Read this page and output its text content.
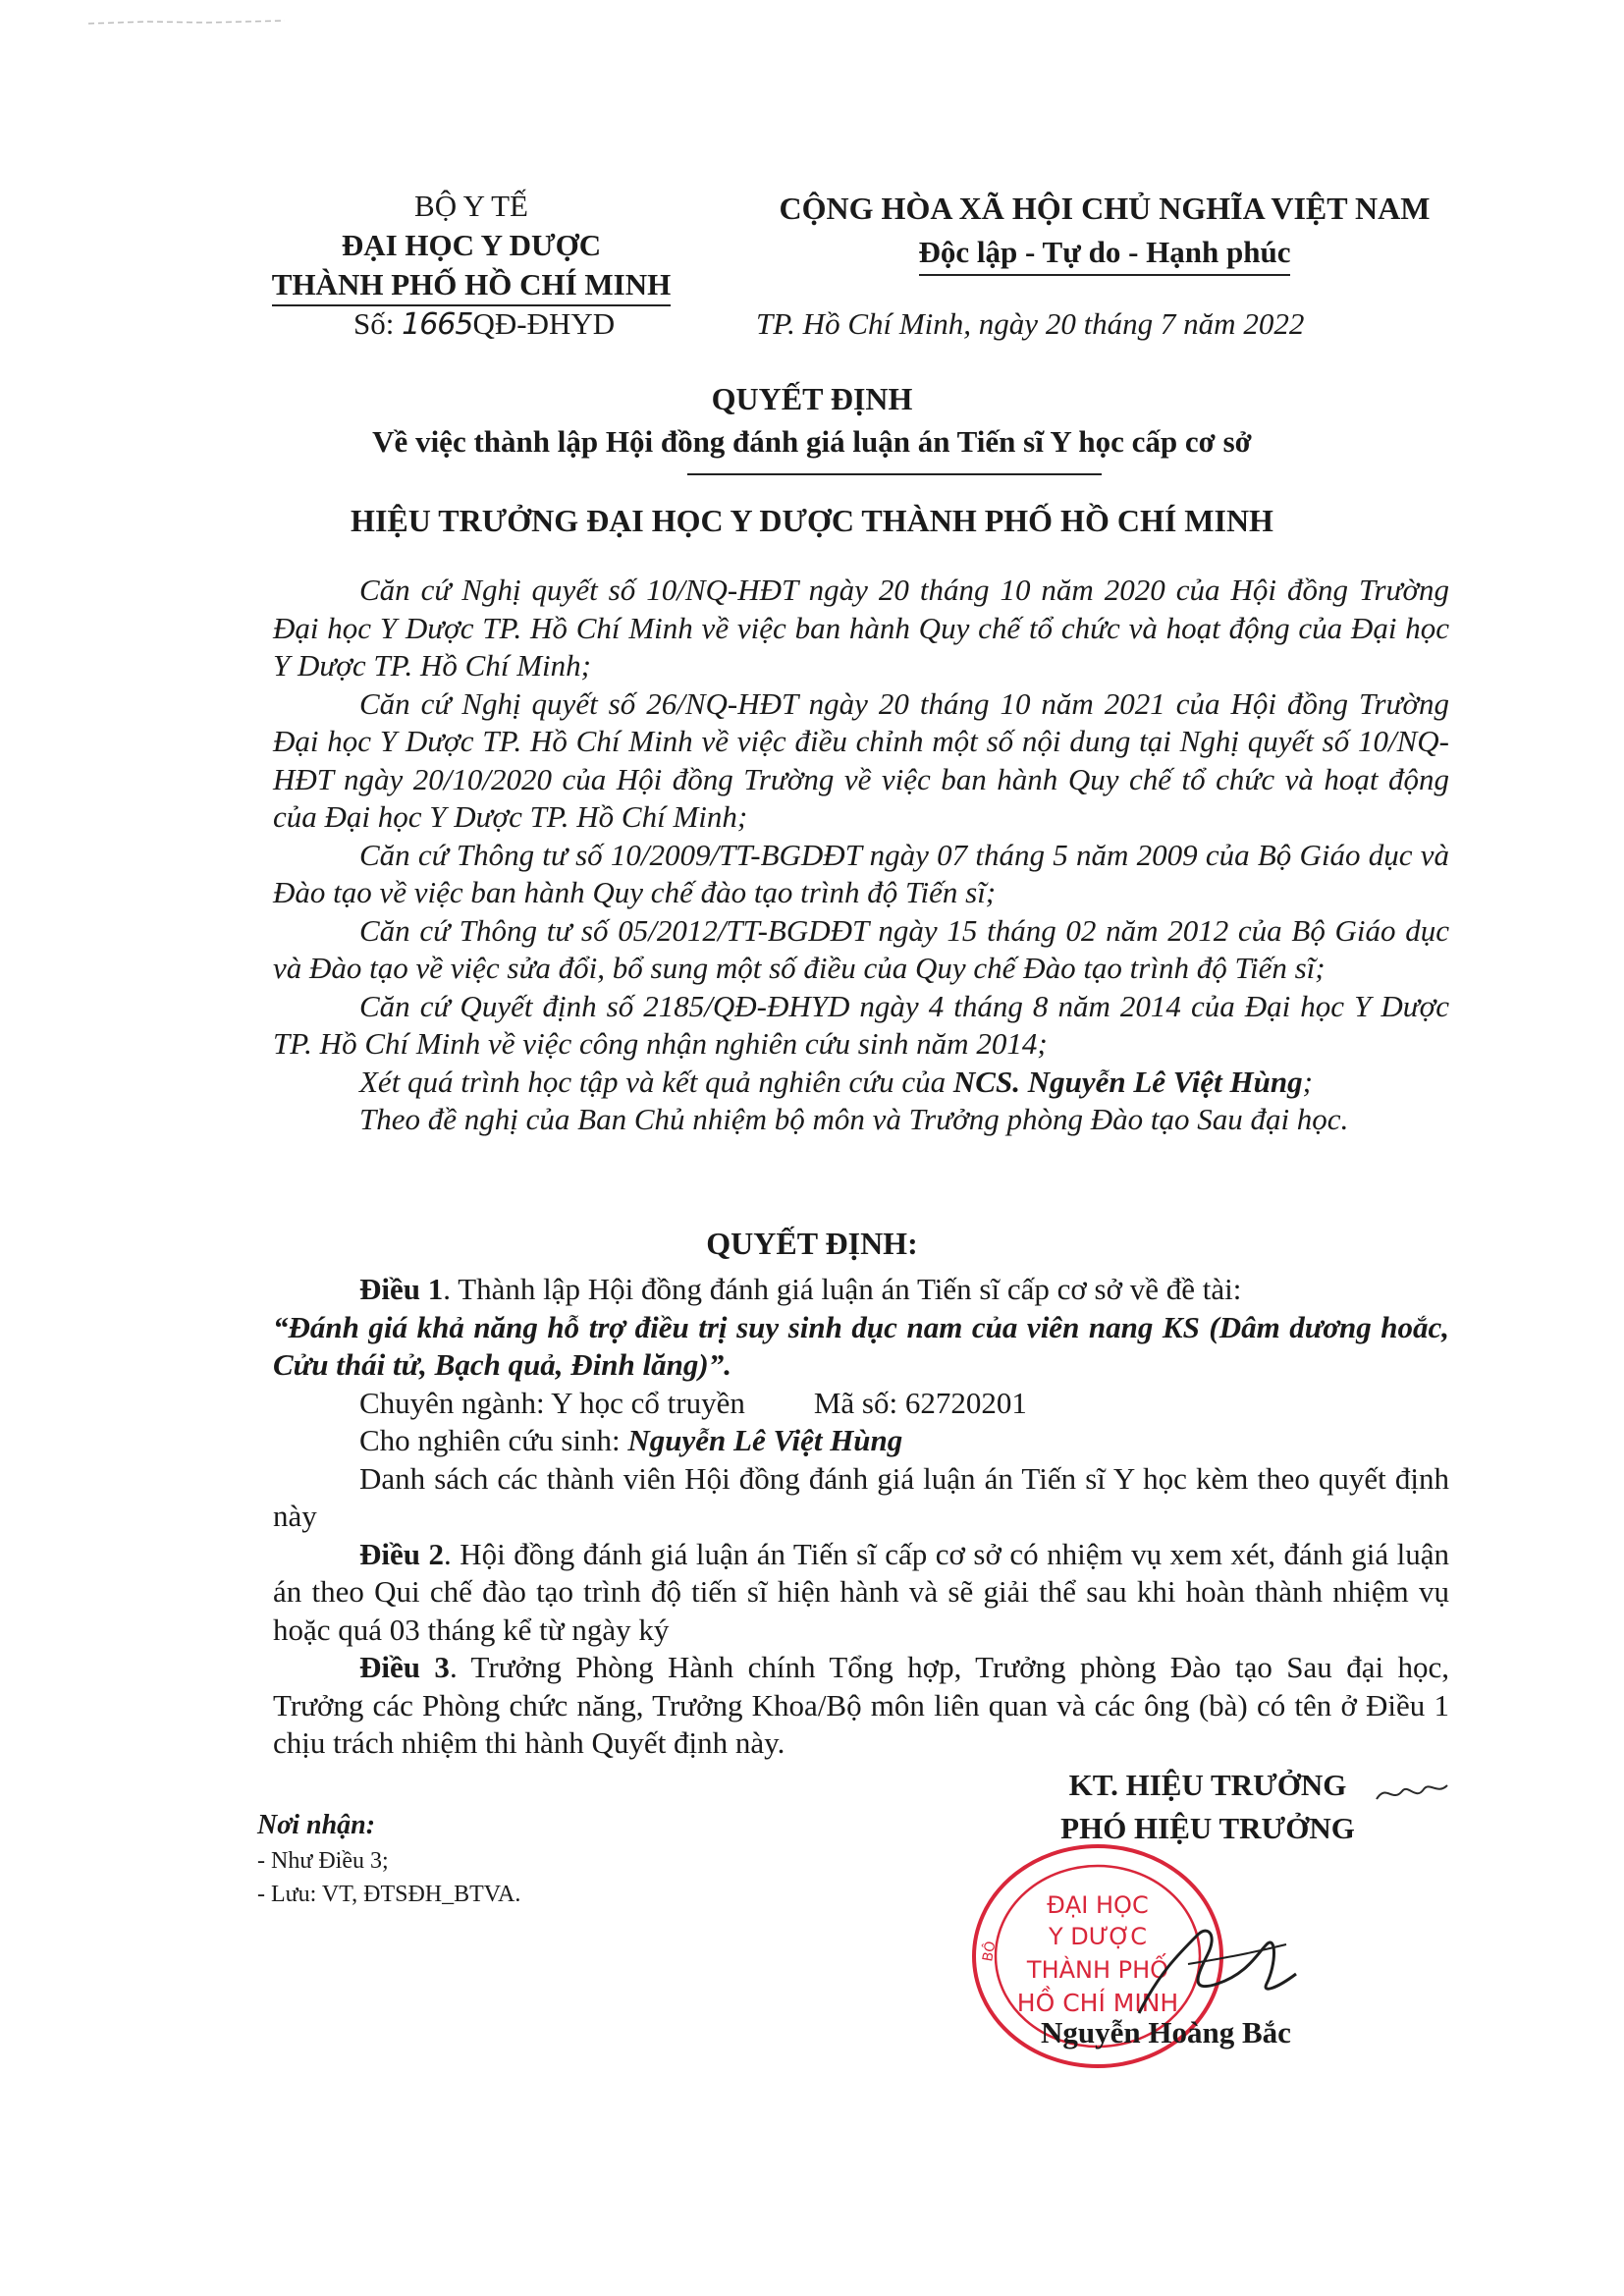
BỘ Y TẾ
ĐẠI HỌC Y DƯỢC
THÀNH PHỐ HỒ CHÍ MINH
Số: 1665QĐ-ĐHYD
CỘNG HÒA XÃ HỘI CHỦ NGHĨA VIỆT NAM
Độc lập - Tự do - Hạnh phúc
TP. Hồ Chí Minh, ngày 20 tháng 7 năm 2022
QUYẾT ĐỊNH
Về việc thành lập Hội đồng đánh giá luận án Tiến sĩ Y học cấp cơ sở
HIỆU TRƯỞNG ĐẠI HỌC Y DƯỢC THÀNH PHỐ HỒ CHÍ MINH

Căn cứ Nghị quyết số 10/NQ-HĐT ngày 20 tháng 10 năm 2020 của Hội đồng Trường Đại học Y Dược TP. Hồ Chí Minh về việc ban hành Quy chế tổ chức và hoạt động của Đại học Y Dược TP. Hồ Chí Minh;

Căn cứ Nghị quyết số 26/NQ-HĐT ngày 20 tháng 10 năm 2021 của Hội đồng Trường Đại học Y Dược TP. Hồ Chí Minh về việc điều chỉnh một số nội dung tại Nghị quyết số 10/NQ-HĐT ngày 20/10/2020 của Hội đồng Trường về việc ban hành Quy chế tổ chức và hoạt động của Đại học Y Dược TP. Hồ Chí Minh;

Căn cứ Thông tư số 10/2009/TT-BGDĐT ngày 07 tháng 5 năm 2009 của Bộ Giáo dục và Đào tạo về việc ban hành Quy chế đào tạo trình độ Tiến sĩ;

Căn cứ Thông tư số 05/2012/TT-BGDĐT ngày 15 tháng 02 năm 2012 của Bộ Giáo dục và Đào tạo về việc sửa đổi, bổ sung một số điều của Quy chế Đào tạo trình độ Tiến sĩ;

Căn cứ Quyết định số 2185/QĐ-ĐHYD ngày 4 tháng 8 năm 2014 của Đại học Y Dược TP. Hồ Chí Minh về việc công nhận nghiên cứu sinh năm 2014;

Xét quá trình học tập và kết quả nghiên cứu của NCS. Nguyễn Lê Việt Hùng;

Theo đề nghị của Ban Chủ nhiệm bộ môn và Trưởng phòng Đào tạo Sau đại học.

QUYẾT ĐỊNH:

Điều 1. Thành lập Hội đồng đánh giá luận án Tiến sĩ cấp cơ sở về đề tài:

“Đánh giá khả năng hỗ trợ điều trị suy sinh dục nam của viên nang KS (Dâm dương hoắc, Cửu thái tử, Bạch quả, Đinh lăng)”.

Chuyên ngành: Y học cổ truyền Mã số: 62720201

Cho nghiên cứu sinh: Nguyễn Lê Việt Hùng

Danh sách các thành viên Hội đồng đánh giá luận án Tiến sĩ Y học kèm theo quyết định này

Điều 2. Hội đồng đánh giá luận án Tiến sĩ cấp cơ sở có nhiệm vụ xem xét, đánh giá luận án theo Qui chế đào tạo trình độ tiến sĩ hiện hành và sẽ giải thể sau khi hoàn thành nhiệm vụ hoặc quá 03 tháng kể từ ngày ký

Điều 3. Trưởng Phòng Hành chính Tổng hợp, Trưởng phòng Đào tạo Sau đại học, Trưởng các Phòng chức năng, Trưởng Khoa/Bộ môn liên quan và các ông (bà) có tên ở Điều 1 chịu trách nhiệm thi hành Quyết định này.

Nơi nhận:
- Như Điều 3;
- Lưu: VT, ĐTSĐH_BTVA.
KT. HIỆU TRƯỞNG
PHÓ HIỆU TRƯỞNG
BỘ
ĐẠI HỌC
Y DƯỢC
THÀNH PHỐ
HỒ CHÍ MINH
Nguyễn Hoàng Bắc
